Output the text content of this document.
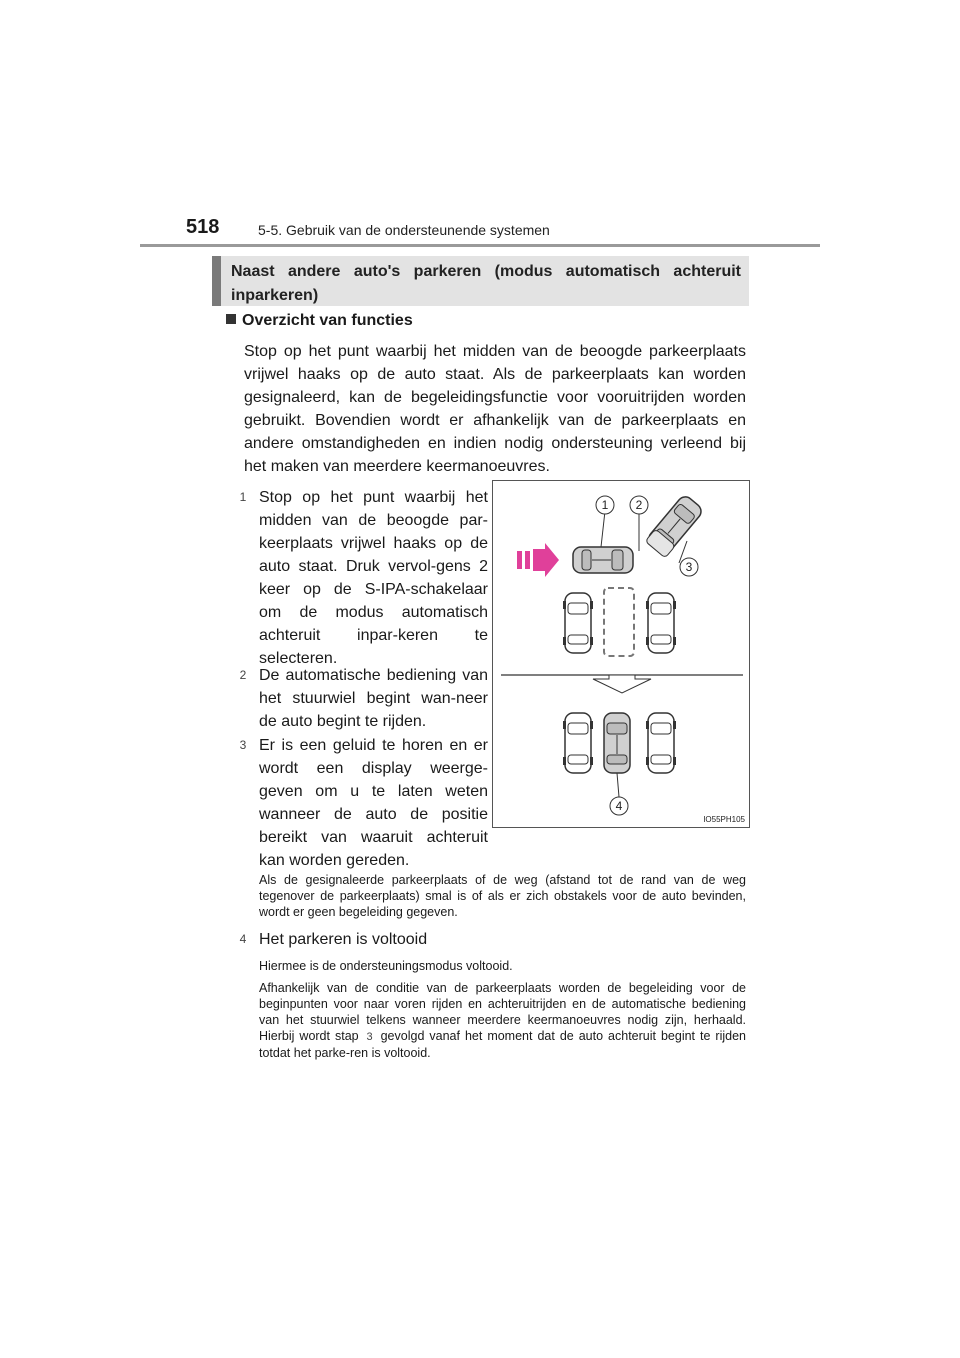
518	5-5. Gebruik van de ondersteunende systemen
Naast andere auto's parkeren (modus automatisch achteruit inparkeren)
Overzicht van functies
Stop op het punt waarbij het midden van de beoogde parkeerplaats vrijwel haaks op de auto staat. Als de parkeerplaats kan worden gesignaleerd, kan de begeleidingsfunctie voor vooruitrijden worden gebruikt. Bovendien wordt er afhankelijk van de parkeerplaats en andere omstandigheden en indien nodig ondersteuning verleend bij het maken van meerdere keermanoeuvres.
1 Stop op het punt waarbij het midden van de beoogde par-keerplaats vrijwel haaks op de auto staat. Druk vervol-gens 2 keer op de S-IPA-schakelaar om de modus automatisch achteruit inpar-keren te selecteren.
2 De automatische bediening van het stuurwiel begint wan-neer de auto begint te rijden.
3 Er is een geluid te horen en er wordt een display weerge-geven om u te laten weten wanneer de auto de positie bereikt van waaruit achteruit kan worden gereden.
Als de gesignaleerde parkeerplaats of de weg (afstand tot de rand van de weg tegenover de parkeerplaats) smal is of als er zich obstakels voor de auto bevinden, wordt er geen begeleiding gegeven.
4 Het parkeren is voltooid
Hiermee is de ondersteuningsmodus voltooid.
Afhankelijk van de conditie van de parkeerplaats worden de begeleiding voor de beginpunten voor naar voren rijden en achteruitrijden en de automatische bediening van het stuurwiel telkens wanneer meerdere keermanoeuvres nodig zijn, herhaald. Hierbij wordt stap 3 gevolgd vanaf het moment dat de auto achteruit begint te rijden totdat het parke-ren is voltooid.
1 2
3
4
IO55PH105
